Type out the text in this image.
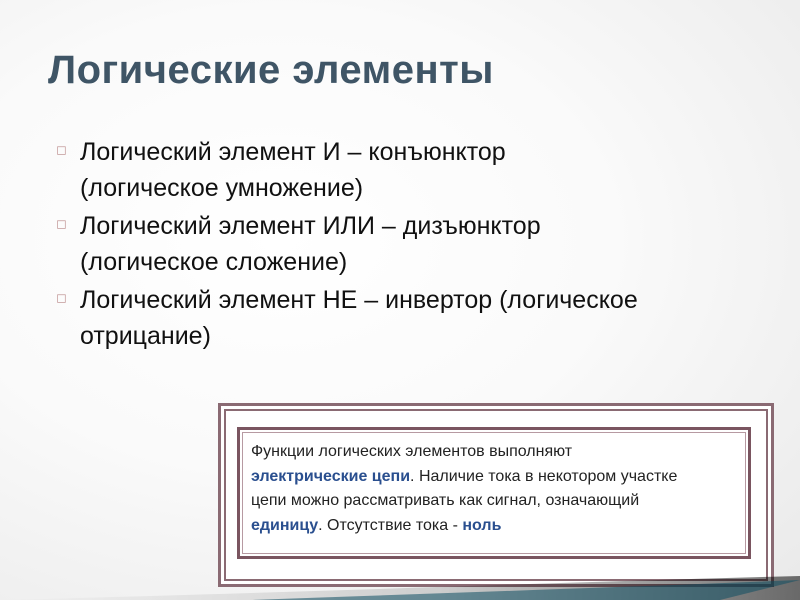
Логические элементы
◻ Логический элемент И – конъюнктор
(логическое умножение)
◻ Логический элемент ИЛИ – дизъюнктор
(логическое сложение)
◻ Логический элемент НЕ – инвертор (логическое
отрицание)
Функции логических элементов выполняют
электрические цепи. Наличие тока в некотором участке
цепи можно рассматривать как сигнал, означающий
единицу. Отсутствие тока - ноль
